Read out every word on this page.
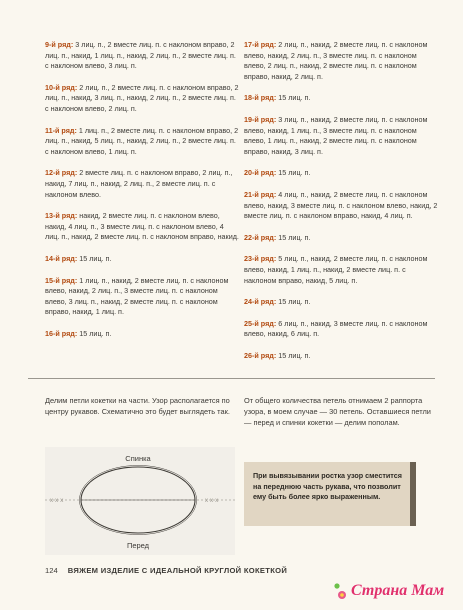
9-й ряд: 3 лиц. п., 2 вместе лиц. п. с наклоном вправо, 2 лиц. п., накид, 1 лиц. п., накид, 2 лиц. п., 2 вместе лиц. п. с наклоном влево, 3 лиц. п.

10-й ряд: 2 лиц. п., 2 вместе лиц. п. с наклоном вправо, 2 лиц. п., накид, 3 лиц. п., накид, 2 лиц. п., 2 вместе лиц. п. с наклоном влево, 2 лиц. п.

11-й ряд: 1 лиц. п., 2 вместе лиц. п. с наклоном вправо, 2 лиц. п., накид, 5 лиц. п., накид, 2 лиц. п., 2 вместе лиц. п. с наклоном влево, 1 лиц. п.

12-й ряд: 2 вместе лиц. п. с наклоном вправо, 2 лиц. п., накид, 7 лиц. п., накид, 2 лиц. п., 2 вместе лиц. п. с наклоном влево.

13-й ряд: накид, 2 вместе лиц. п. с наклоном влево, накид, 4 лиц. п., 3 вместе лиц. п. с наклоном влево, 4 лиц. п., накид, 2 вместе лиц. п. с наклоном вправо, накид.

14-й ряд: 15 лиц. п.

15-й ряд: 1 лиц. п., накид, 2 вместе лиц. п. с наклоном влево, накид, 2 лиц. п., 3 вместе лиц. п. с наклоном влево, 3 лиц. п., накид, 2 вместе лиц. п. с наклоном вправо, накид, 1 лиц. п.

16-й ряд: 15 лиц. п.

17-й ряд: 2 лиц. п., накид, 2 вместе лиц. п. с наклоном влево, накид, 2 лиц. п., 3 вместе лиц. п. с наклоном влево, 2 лиц. п., накид, 2 вместе лиц. п. с наклоном вправо, накид, 2 лиц. п.

18-й ряд: 15 лиц. п.

19-й ряд: 3 лиц. п., накид, 2 вместе лиц. п. с наклоном влево, накид, 1 лиц. п., 3 вместе лиц. п. с наклоном влево, 1 лиц. п., накид, 2 вместе лиц. п. с наклоном вправо, накид, 3 лиц. п.

20-й ряд: 15 лиц. п.

21-й ряд: 4 лиц. п., накид, 2 вместе лиц. п. с наклоном влево, накид, 3 вместе лиц. п. с наклоном влево, накид, 2 вместе лиц. п. с наклоном вправо, накид, 4 лиц. п.

22-й ряд: 15 лиц. п.

23-й ряд: 5 лиц. п., накид, 2 вместе лиц. п. с наклоном влево, накид, 1 лиц. п., накид, 2 вместе лиц. п. с наклоном вправо, накид, 5 лиц. п.

24-й ряд: 15 лиц. п.

25-й ряд: 6 лиц. п., накид, 3 вместе лиц. п. с наклоном влево, накид, 6 лиц. п.

26-й ряд: 15 лиц. п.

Делим петли кокетки на части. Узор располагается по центру рукавов. Схематично это будет выглядеть так.

От общего количества петель отнимаем 2 раппорта узора, в моем случае — 30 петель. Оставшиеся петли — перед и спинки кокетки — делим пополам.

Спинка
Перед
х х х	х х х
При вывязывании ростка узор сместится на переднюю часть рукава, что позволит ему быть более ярко выраженным.
124 ВЯЖЕМ ИЗДЕЛИЕ С ИДЕАЛЬНОЙ КРУГЛОЙ КОКЕТКОЙ
Страна Мам
